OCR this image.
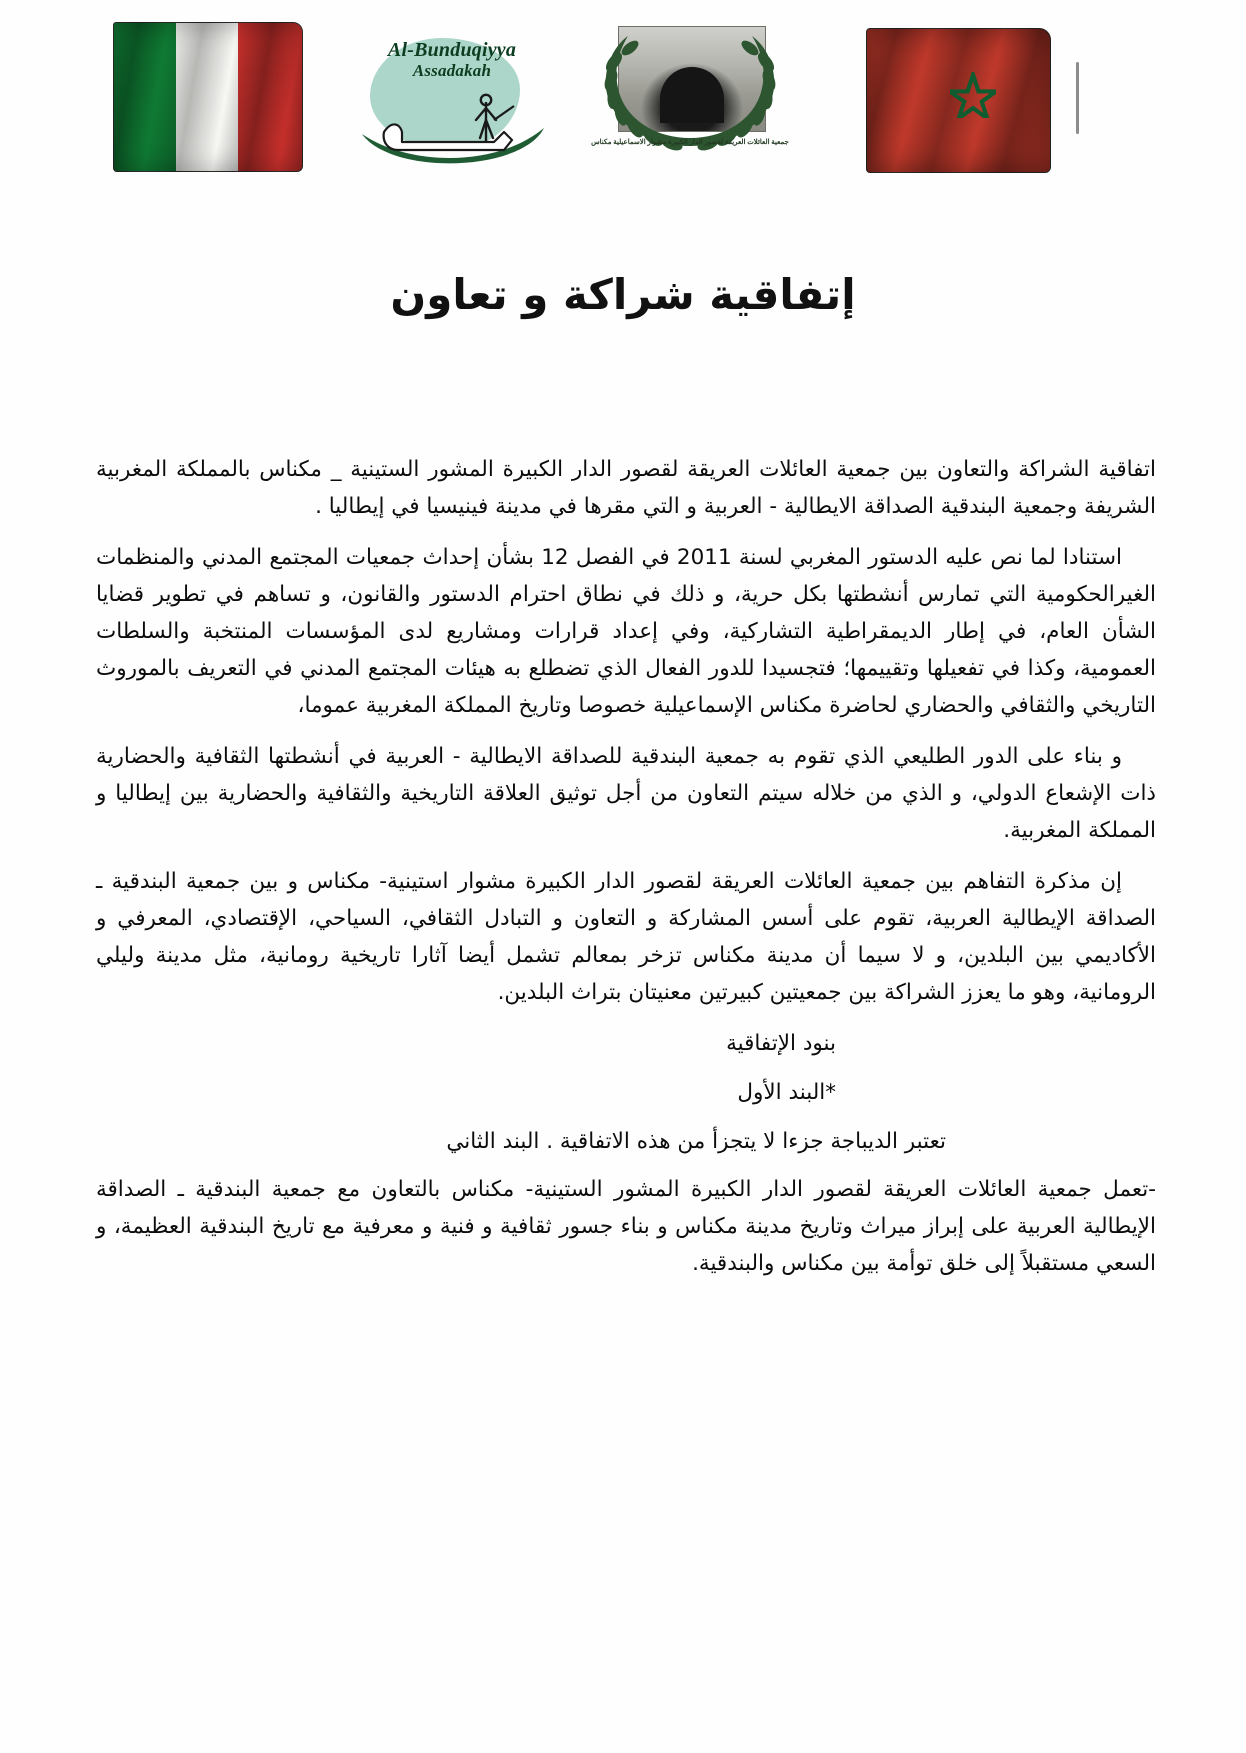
Al-Bunduqiyya
Assadakah
جمعية العائلات العريقة لقصور الدار الكبيرة مشوار الاسماعيلية مكناس
إتفاقية شراكة و تعاون

اتفاقية الشراكة والتعاون بين جمعية العائلات العريقة لقصور الدار الكبيرة المشور الستينية _ مكناس بالمملكة المغربية الشريفة وجمعية البندقية الصداقة الايطالية - العربية و التي مقرها في مدينة فينيسيا في إيطاليا .

استنادا لما نص عليه الدستور المغربي لسنة 2011 في الفصل 12 بشأن إحداث جمعيات المجتمع المدني والمنظمات الغيرالحكومية التي تمارس أنشطتها بكل حرية، و ذلك في نطاق احترام الدستور والقانون، و تساهم في تطوير قضايا الشأن العام، في إطار الديمقراطية التشاركية، وفي إعداد قرارات ومشاريع لدى المؤسسات المنتخبة والسلطات العمومية، وكذا في تفعيلها وتقييمها؛ فتجسيدا للدور الفعال الذي تضطلع به هيئات المجتمع المدني في التعريف بالموروث التاريخي والثقافي والحضاري لحاضرة مكناس الإسماعيلية خصوصا وتاريخ المملكة المغربية عموما،

و بناء على الدور الطليعي الذي تقوم به جمعية البندقية للصداقة الايطالية - العربية في أنشطتها الثقافية والحضارية ذات الإشعاع الدولي، و الذي من خلاله سيتم التعاون من أجل توثيق العلاقة التاريخية والثقافية والحضارية بين إيطاليا و المملكة المغربية.

إن مذكرة التفاهم بين جمعية العائلات العريقة لقصور الدار الكبيرة مشوار استينية- مكناس و بين جمعية البندقية ـ الصداقة الإيطالية العربية، تقوم على أسس المشاركة و التعاون و التبادل الثقافي، السياحي، الإقتصادي، المعرفي و الأكاديمي بين البلدين، و لا سيما أن مدينة مكناس تزخر بمعالم تشمل أيضا آثارا تاريخية رومانية، مثل مدينة وليلي الرومانية، وهو ما يعزز الشراكة بين جمعيتين كبيرتين معنيتان بتراث البلدين.

بنود الإتفاقية

*البند الأول

تعتبر الديباجة جزءا لا يتجزأ من هذه الاتفاقية . البند الثاني

-تعمل جمعية العائلات العريقة لقصور الدار الكبيرة المشور الستينية- مكناس بالتعاون مع جمعية البندقية ـ الصداقة الإيطالية العربية على إبراز ميراث وتاريخ مدينة مكناس و بناء جسور ثقافية و فنية و معرفية مع تاريخ البندقية العظيمة، و السعي مستقبلاً إلى خلق توأمة بين مكناس والبندقية.
